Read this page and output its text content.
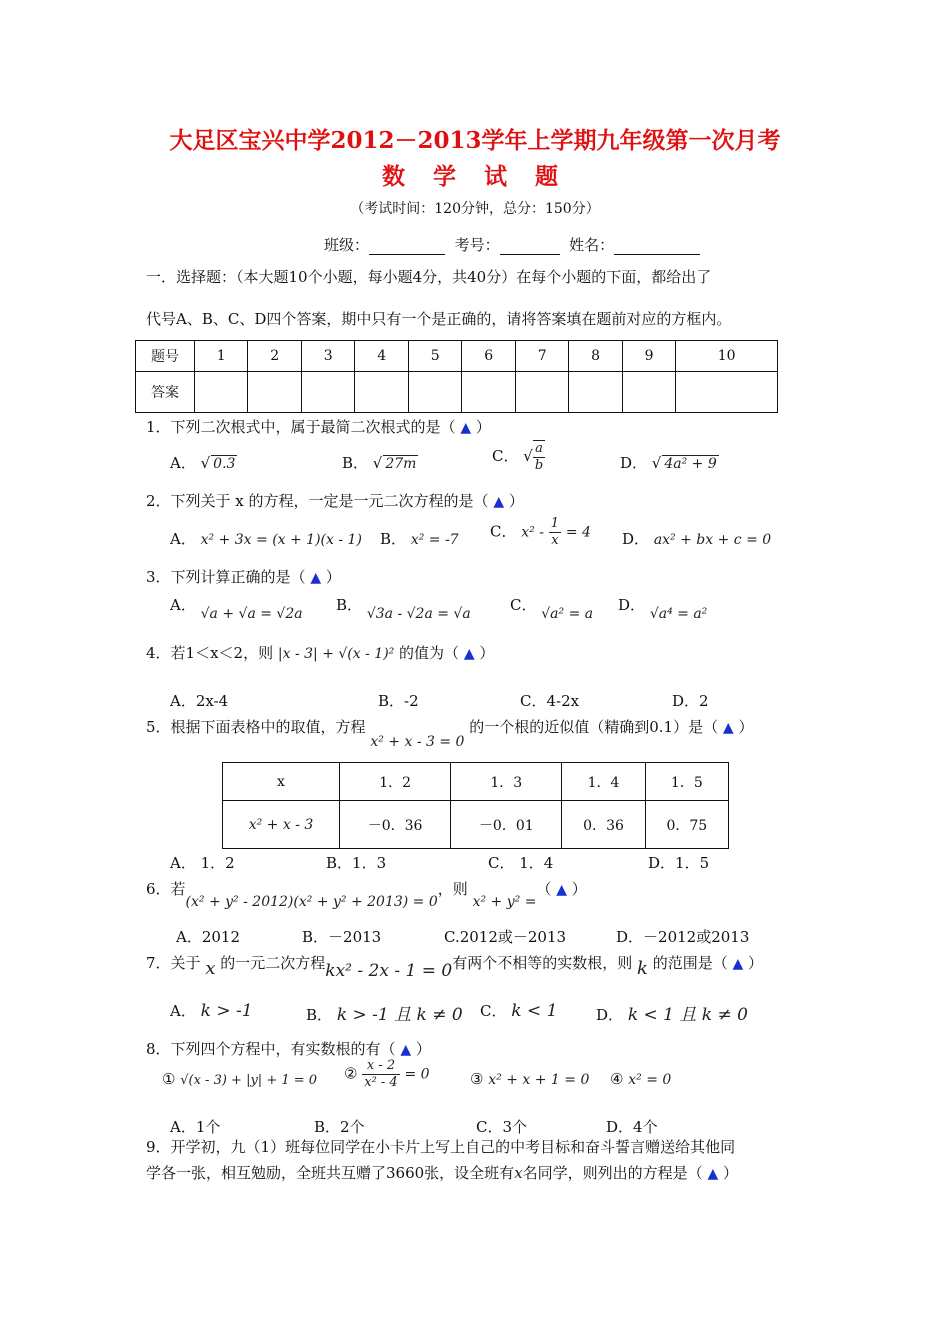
大足区宝兴中学2012－2013学年上学期九年级第一次月考
数 学 试 题
（考试时间：120分钟，总分：150分）
班级：	考号：	姓名：
一．选择题：（本大题10个小题，每小题4分，共40分）在每个小题的下面，都给出了
代号A、B、C、D四个答案，期中只有一个是正确的，请将答案填在题前对应的方框内。
题号	1	2	3	4	5	6	7	8	9	10
答案										
1．下列二次根式中，属于最简二次根式的是（ ▲ ）
A． √ 0.3	B． √ 27m	C． √ $\frac{a}{b}$	D． √ 4a² + 9
2．下列关于 x 的方程，一定是一元二次方程的是（ ▲ ）
A． x² + 3x = (x + 1)(x - 1) B． x² = -7 C． $x^2 - \frac{1}{x} = 4$ D． ax² + bx + c = 0
3．下列计算正确的是（ ▲ ）
A． √a + √a = √2a B． √3a - √2a = √a	C． √a² = a D． √a⁴ = a²
4．若1＜x＜2，则 |x - 3| + √(x - 1)² 的值为（ ▲ ）
A．2x-4	B．-2	C．4-2x	D．2
5．根据下面表格中的取值，方程 x² + x - 3 = 0 的一个根的近似值（精确到0.1）是（ ▲ ）
x	1．2	1．3	1．4	1．5
x² + x - 3	－0．36	－0．01	0．36	0．75
A． 1．2	B．1．3	C． 1．4	D．1．5
6．若(x² + y² - 2012)(x² + y² + 2013) = 0，则 x² + y² =（ ▲ ）
A．2012	B．－2013	C.2012或－2013	D．－2012或2013
7．关于 x 的一元二次方程kx² - 2x - 1 = 0有两个不相等的实数根，则 k 的范围是（ ▲ ）
A． k > -1	B． k > -1 且 k ≠ 0 C． k < 1	D． k < 1 且 k ≠ 0
8．下列四个方程中，有实数根的有（ ▲ ）
① √(x - 3) + |y| + 1 = 0 ② $\frac{x - 2}{\text{x² - 4}} = 0$	③ x² + x + 1 = 0 ④ x² = 0
A．1个	B．2个	C．3个	D．4个
9．开学初，九（1）班每位同学在小卡片上写上自己的中考目标和奋斗誓言赠送给其他同
学各一张，相互勉励，全班共互赠了3660张，设全班有x名同学，则列出的方程是（ ▲ ）
